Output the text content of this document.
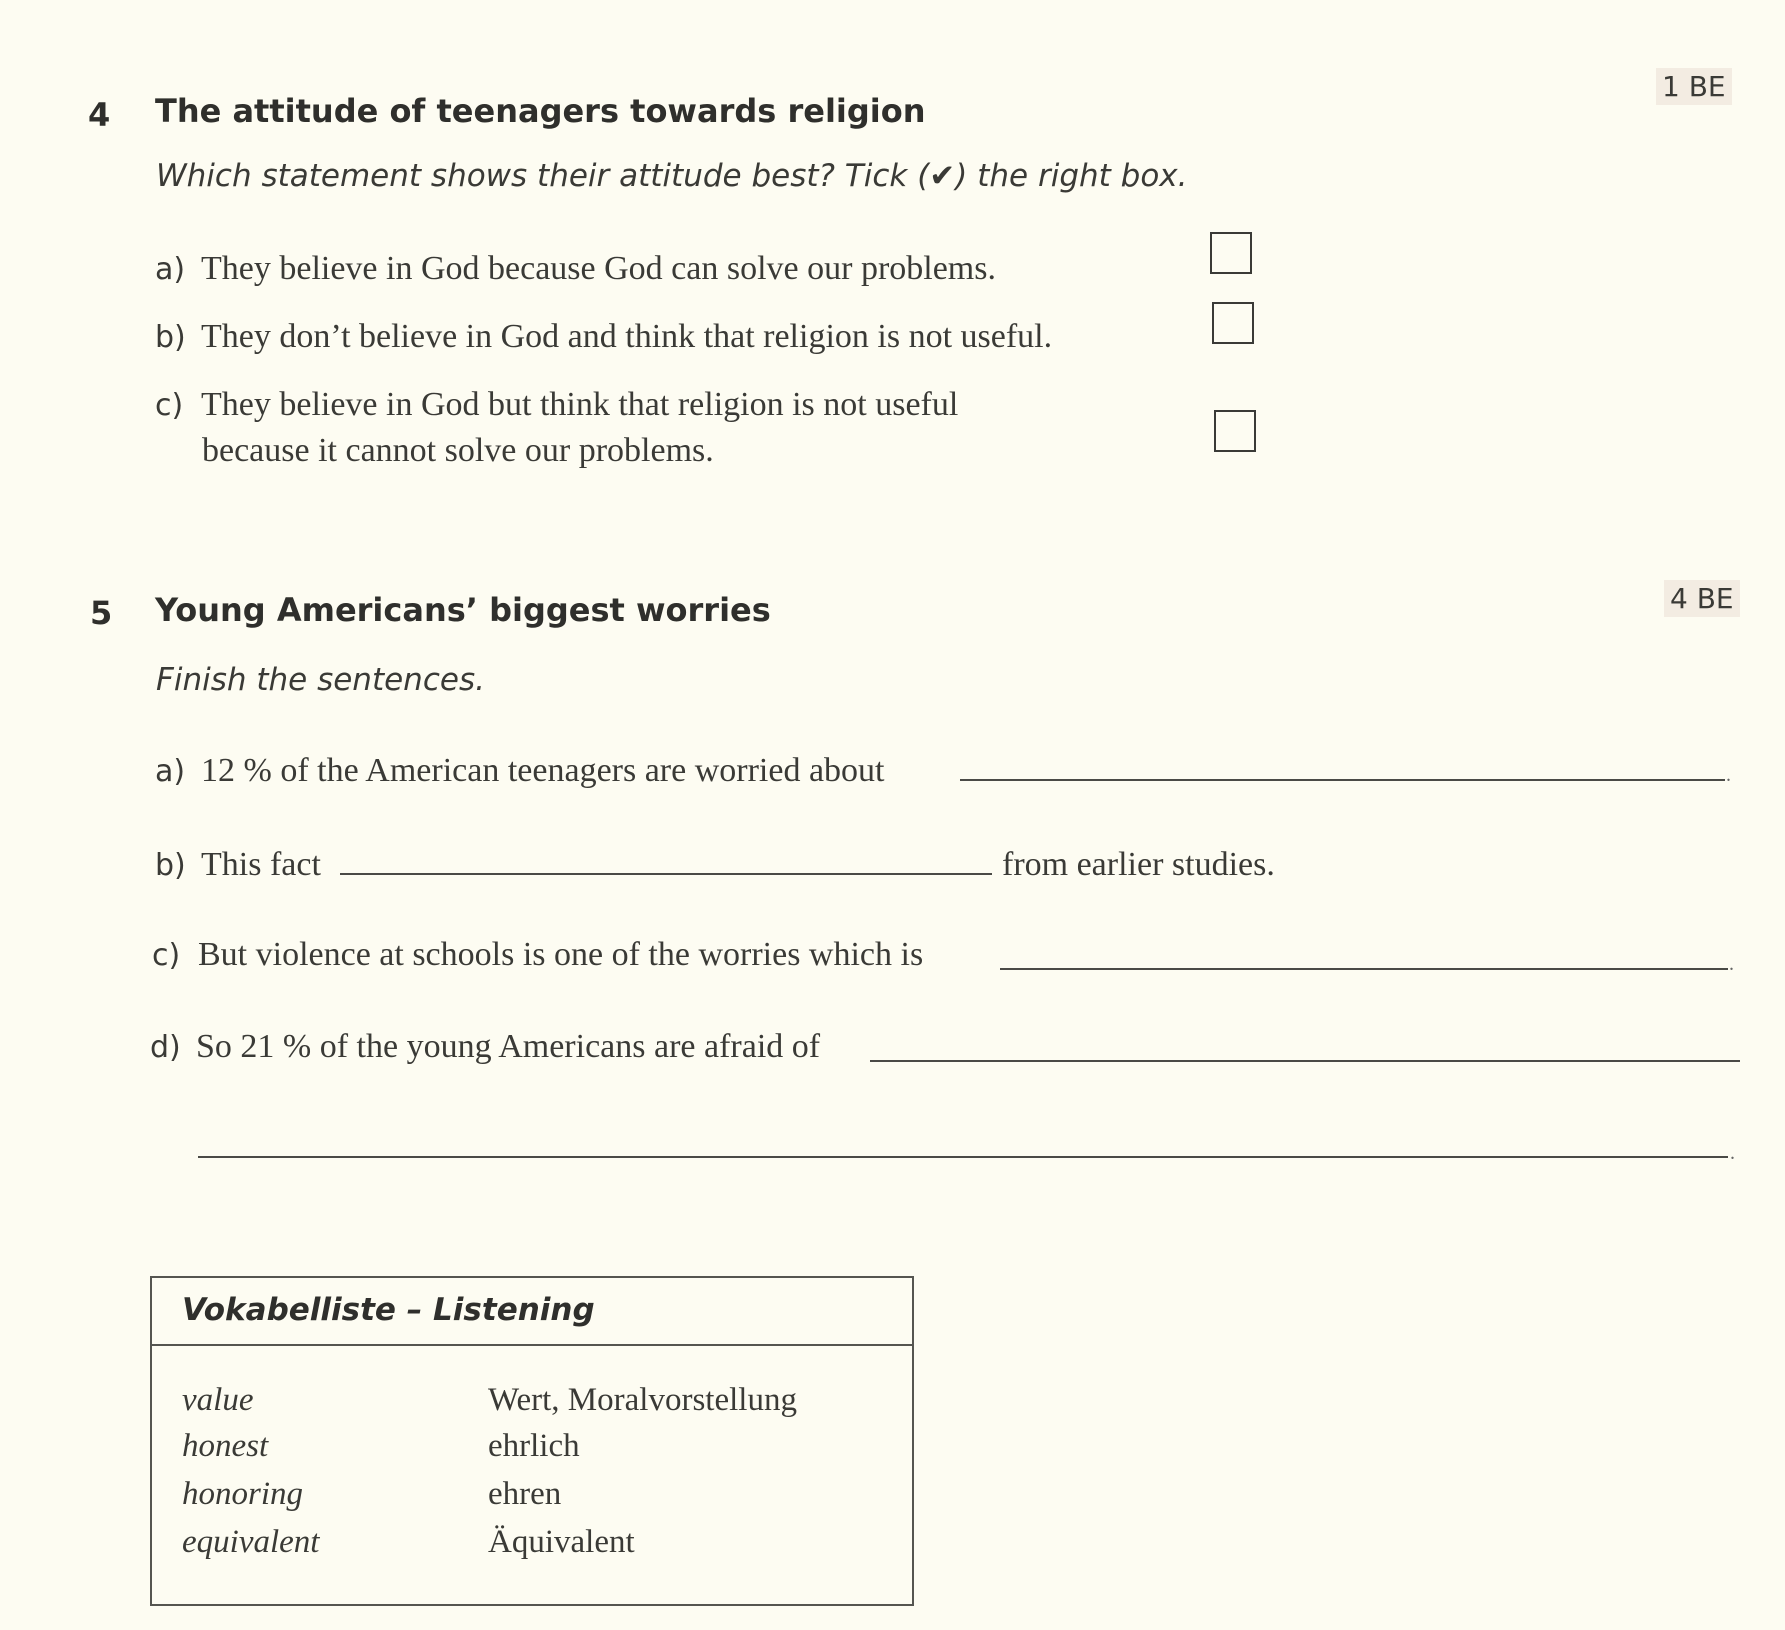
4 The attitude of teenagers towards religion
1 BE
Which statement shows their attitude best? Tick (✔) the right box.
a) They believe in God because God can solve our problems.
b) They don’t believe in God and think that religion is not useful.
c) They believe in God but think that religion is not useful
because it cannot solve our problems.
5 Young Americans’ biggest worries	4 BE
Finish the sentences.
a) 12 % of the American teenagers are worried about	.
b) This fact	from earlier studies.
c) But violence at schools is one of the worries which is	.
d) So 21 % of the young Americans are afraid of
.
Vokabelliste – Listening
value	Wert, Moralvorstellung
honest	ehrlich
honoring	ehren
equivalent	Äquivalent
